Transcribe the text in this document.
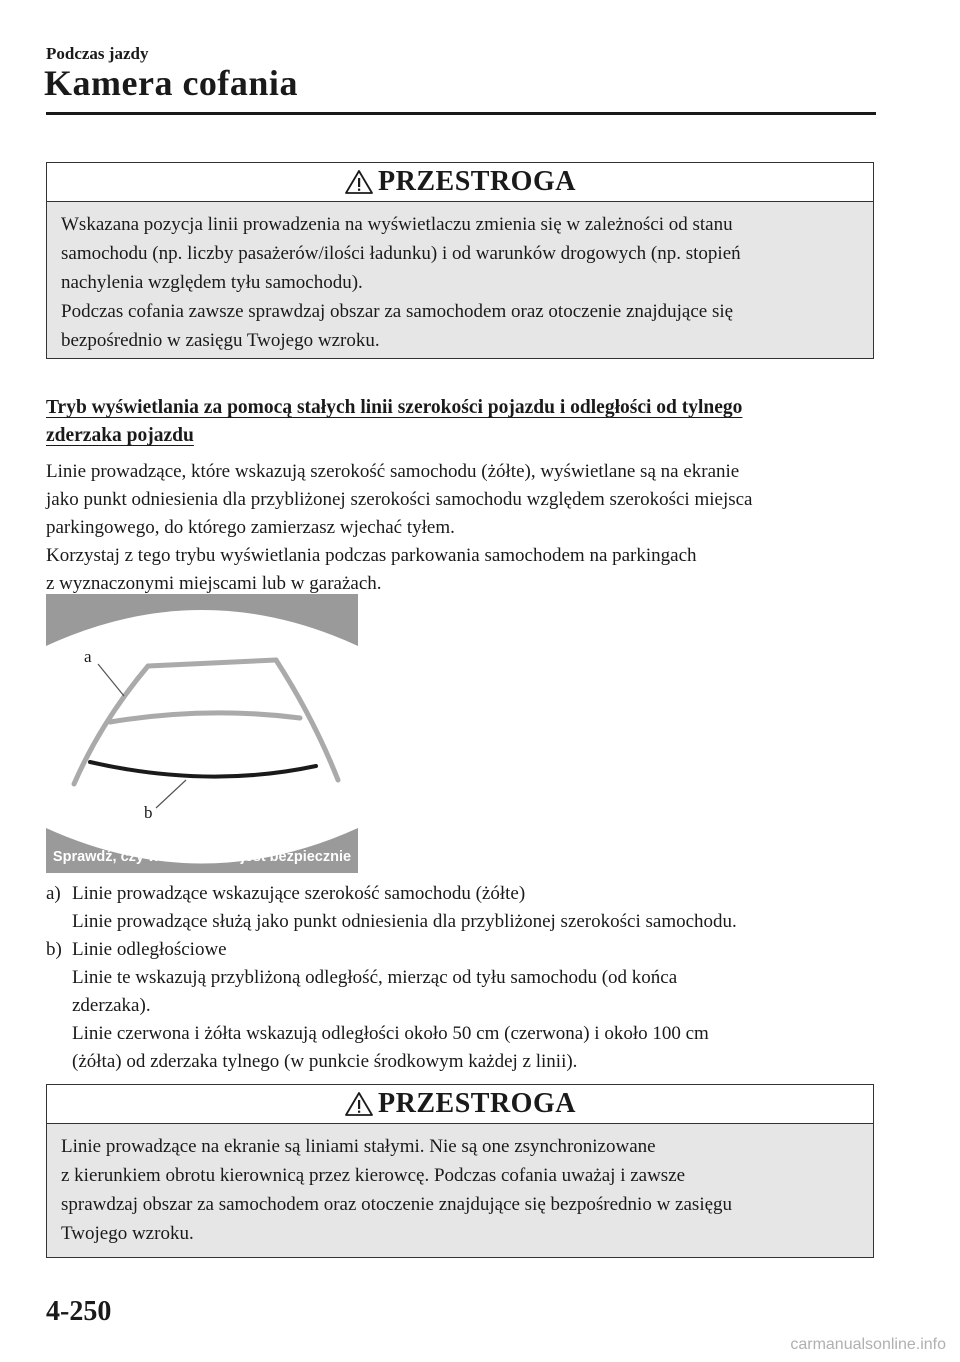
Podczas jazdy
Kamera cofania
PRZESTROGA

Wskazana pozycja linii prowadzenia na wyświetlaczu zmienia się w zależności od stanu

samochodu (np. liczby pasażerów/ilości ładunku) i od warunków drogowych (np. stopień

nachylenia względem tyłu samochodu).

Podczas cofania zawsze sprawdzaj obszar za samochodem oraz otoczenie znajdujące się

bezpośrednio w zasięgu Twojego wzroku.

Tryb wyświetlania za pomocą stałych linii szerokości pojazdu i odległości od tylnego
zderzaka pojazdu

Linie prowadzące, które wskazują szerokość samochodu (żółte), wyświetlane są na ekranie

jako punkt odniesienia dla przybliżonej szerokości samochodu względem szerokości miejsca

parkingowego, do którego zamierzasz wjechać tyłem.

Korzystaj z tego trybu wyświetlania podczas parkowania samochodem na parkingach

z wyznaczonymi miejscami lub w garażach.

a
b
Sprawdź, czy wokół Ciebie jest bezpiecznie
a) Linie prowadzące wskazujące szerokość samochodu (żółte)

Linie prowadzące służą jako punkt odniesienia dla przybliżonej szerokości samochodu.

b) Linie odległościowe

Linie te wskazują przybliżoną odległość, mierząc od tyłu samochodu (od końca

zderzaka).

Linie czerwona i żółta wskazują odległości około 50 cm (czerwona) i około 100 cm

(żółta) od zderzaka tylnego (w punkcie środkowym każdej z linii).

PRZESTROGA

Linie prowadzące na ekranie są liniami stałymi. Nie są one zsynchronizowane

z kierunkiem obrotu kierownicą przez kierowcę. Podczas cofania uważaj i zawsze

sprawdzaj obszar za samochodem oraz otoczenie znajdujące się bezpośrednio w zasięgu

Twojego wzroku.

4-250
carmanualsonline.info
